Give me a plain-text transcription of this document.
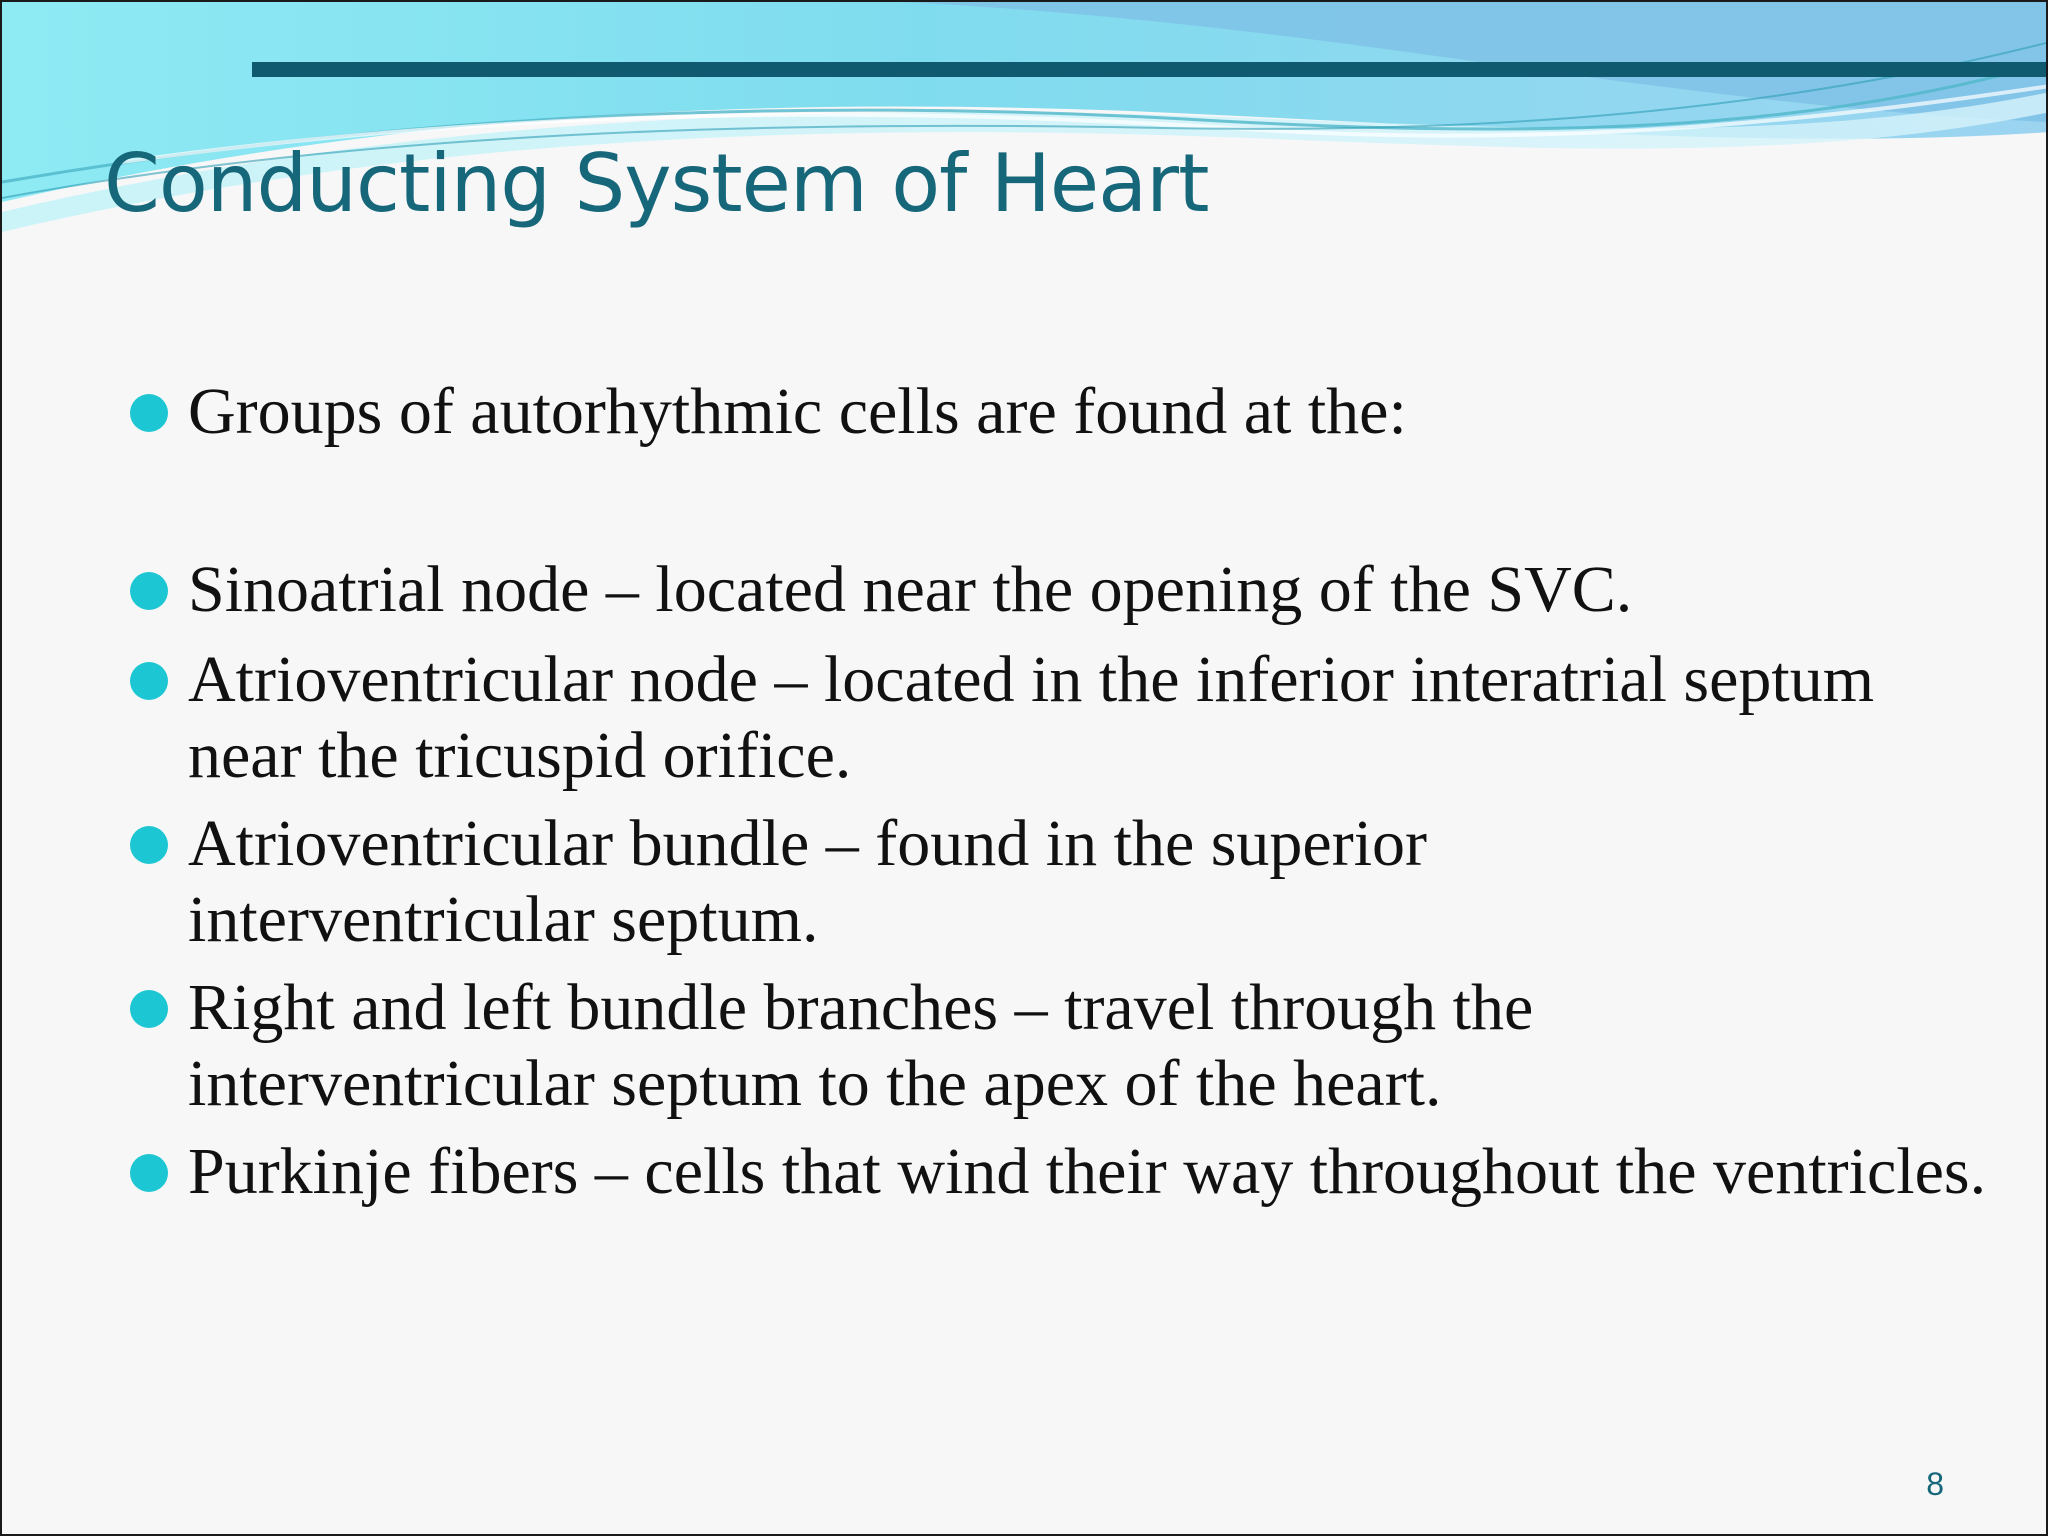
Conducting System of Heart
Groups of autorhythmic cells are found at the:
Sinoatrial node – located near the opening of the SVC.
Atrioventricular node – located in the inferior interatrial septum near the tricuspid orifice.
Atrioventricular bundle – found in the superior interventricular septum.
Right and left bundle branches – travel through the interventricular septum to the apex of the heart.
Purkinje fibers – cells that wind their way throughout the ventricles.
8
